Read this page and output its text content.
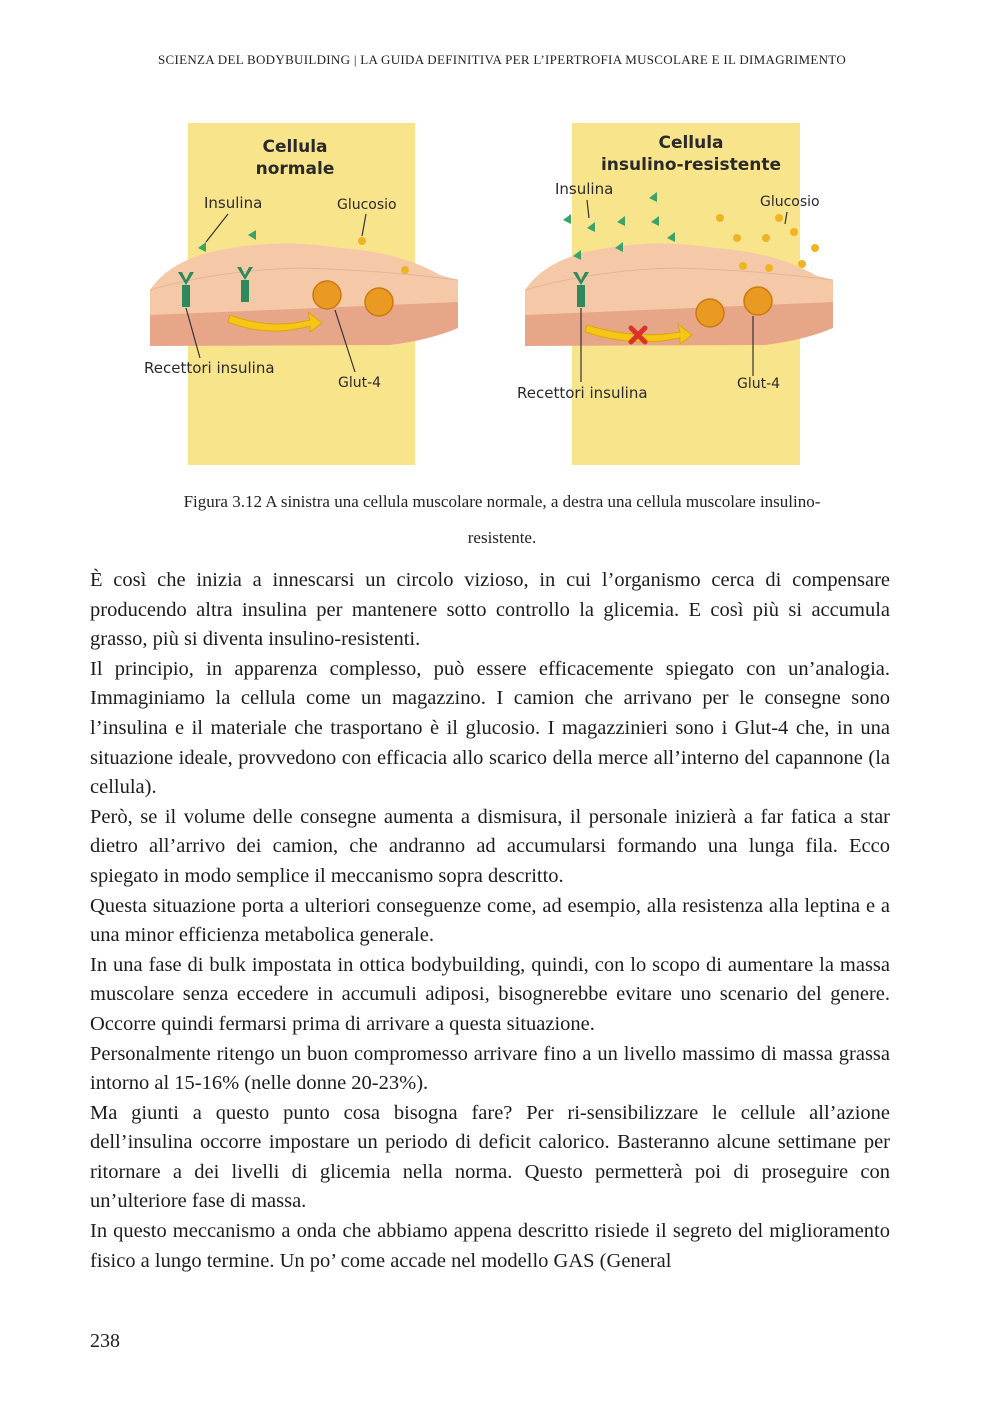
SCIENZA DEL BODYBUILDING | LA GUIDA DEFINITIVA PER L’IPERTROFIA MUSCOLARE E IL DIMAGRIMENTO
Cellula
normale
Insulina	Glucosio
Recettori insulina
Glut-4
Cellula
insulino-resistente
Insulina
Glucosio
Recettori insulina	Glut-4
Figura 3.12 A sinistra una cellula muscolare normale, a destra una cellula muscolare insulino-
resistente.

È così che inizia a innescarsi un circolo vizioso, in cui l’organismo cerca di compensare producendo altra insulina per mantenere sotto controllo la glicemia. E così più si accumula grasso, più si diventa insulino-resistenti.

Il principio, in apparenza complesso, può essere efficacemente spiegato con un’analogia. Immaginiamo la cellula come un magazzino. I camion che arrivano per le consegne sono l’insulina e il materiale che trasportano è il glucosio. I magazzinieri sono i Glut-4 che, in una situazione ideale, provvedono con efficacia allo scarico della merce all’interno del capannone (la cellula).

Però, se il volume delle consegne aumenta a dismisura, il personale inizierà a far fatica a star dietro all’arrivo dei camion, che andranno ad accumularsi formando una lunga fila. Ecco spiegato in modo semplice il meccanismo sopra descritto.

Questa situazione porta a ulteriori conseguenze come, ad esempio, alla resistenza alla leptina e a una minor efficienza metabolica generale.

In una fase di bulk impostata in ottica bodybuilding, quindi, con lo scopo di aumentare la massa muscolare senza eccedere in accumuli adiposi, bisognerebbe evitare uno scenario del genere. Occorre quindi fermarsi prima di arrivare a questa situazione.

Personalmente ritengo un buon compromesso arrivare fino a un livello massimo di massa grassa intorno al 15-16% (nelle donne 20-23%).

Ma giunti a questo punto cosa bisogna fare? Per ri-sensibilizzare le cellule all’azione dell’insulina occorre impostare un periodo di deficit calorico. Basteranno alcune settimane per ritornare a dei livelli di glicemia nella norma. Questo permetterà poi di proseguire con un’ulteriore fase di massa.

In questo meccanismo a onda che abbiamo appena descritto risiede il segreto del miglioramento fisico a lungo termine. Un po’ come accade nel modello GAS (General

238
